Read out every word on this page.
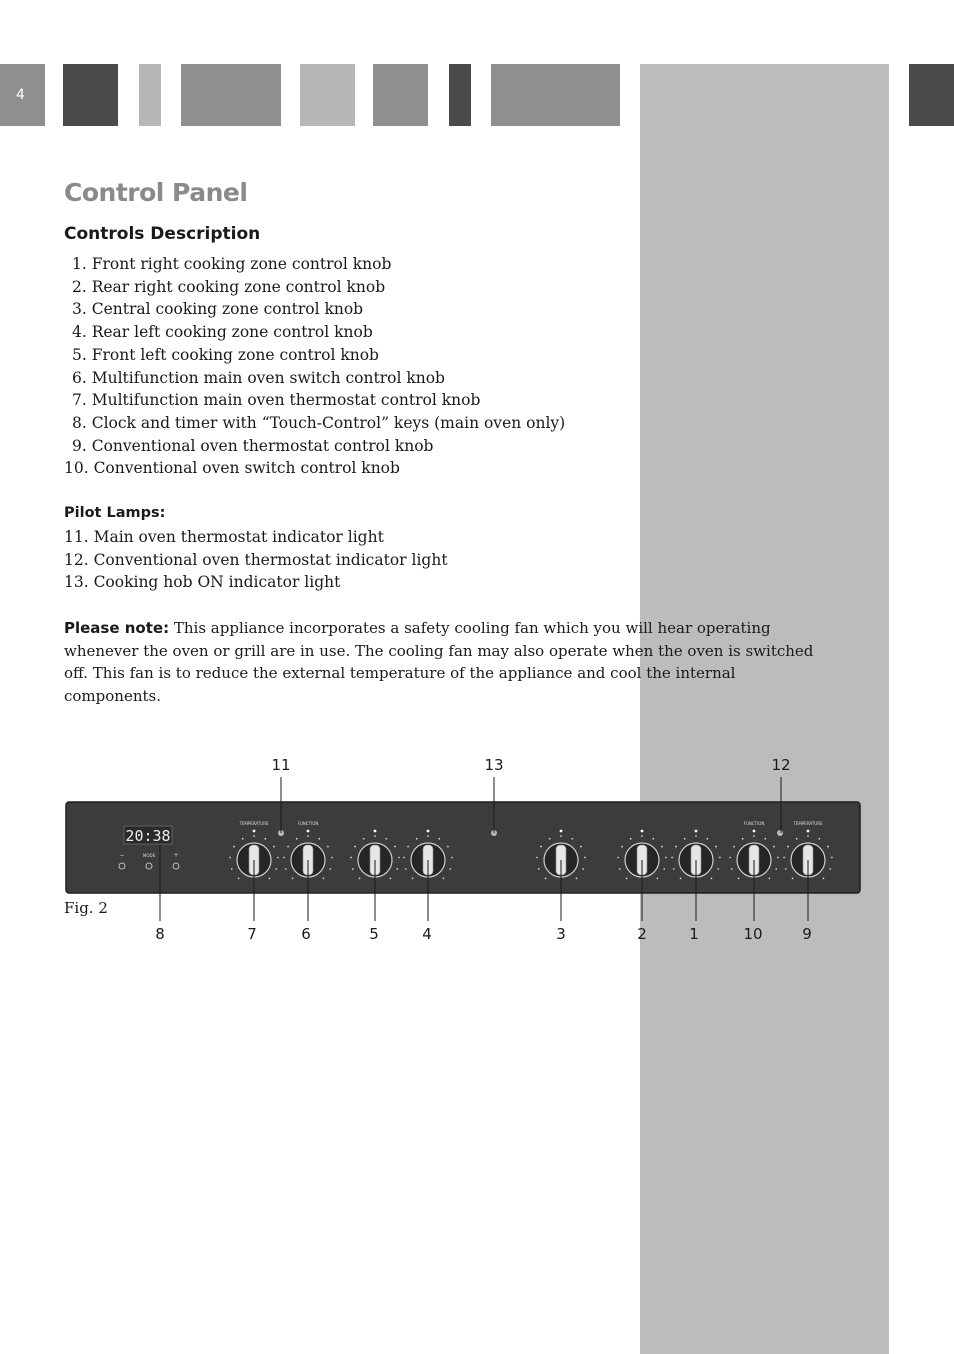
4
Control Panel
Controls Description
1. Front right cooking zone control knob
2. Rear right cooking zone control knob
3. Central cooking zone control knob
4. Rear left cooking zone control knob
5. Front left cooking zone control knob
6. Multifunction main oven switch control knob
7. Multifunction main oven thermostat control knob
8. Clock and timer with “Touch-Control” keys (main oven only)
9. Conventional oven thermostat control knob
10. Conventional oven switch control knob
Pilot Lamps:
11. Main oven thermostat indicator light
12. Conventional oven thermostat indicator light
13. Cooking hob ON indicator light

Please note: This appliance incorporates a safety cooling fan which you will hear operating whenever the oven or grill are in use. The cooling fan may also operate when the oven is switched off. This fan is to reduce the external temperature of the appliance and cool the internal components.

20:38
−	MODE	+
TEMPERATURE	FUNCTION	FUNCTION	TEMPERATURE
11	13	12
8	7	6	5	4	3	2	1	10	9
Fig. 2
